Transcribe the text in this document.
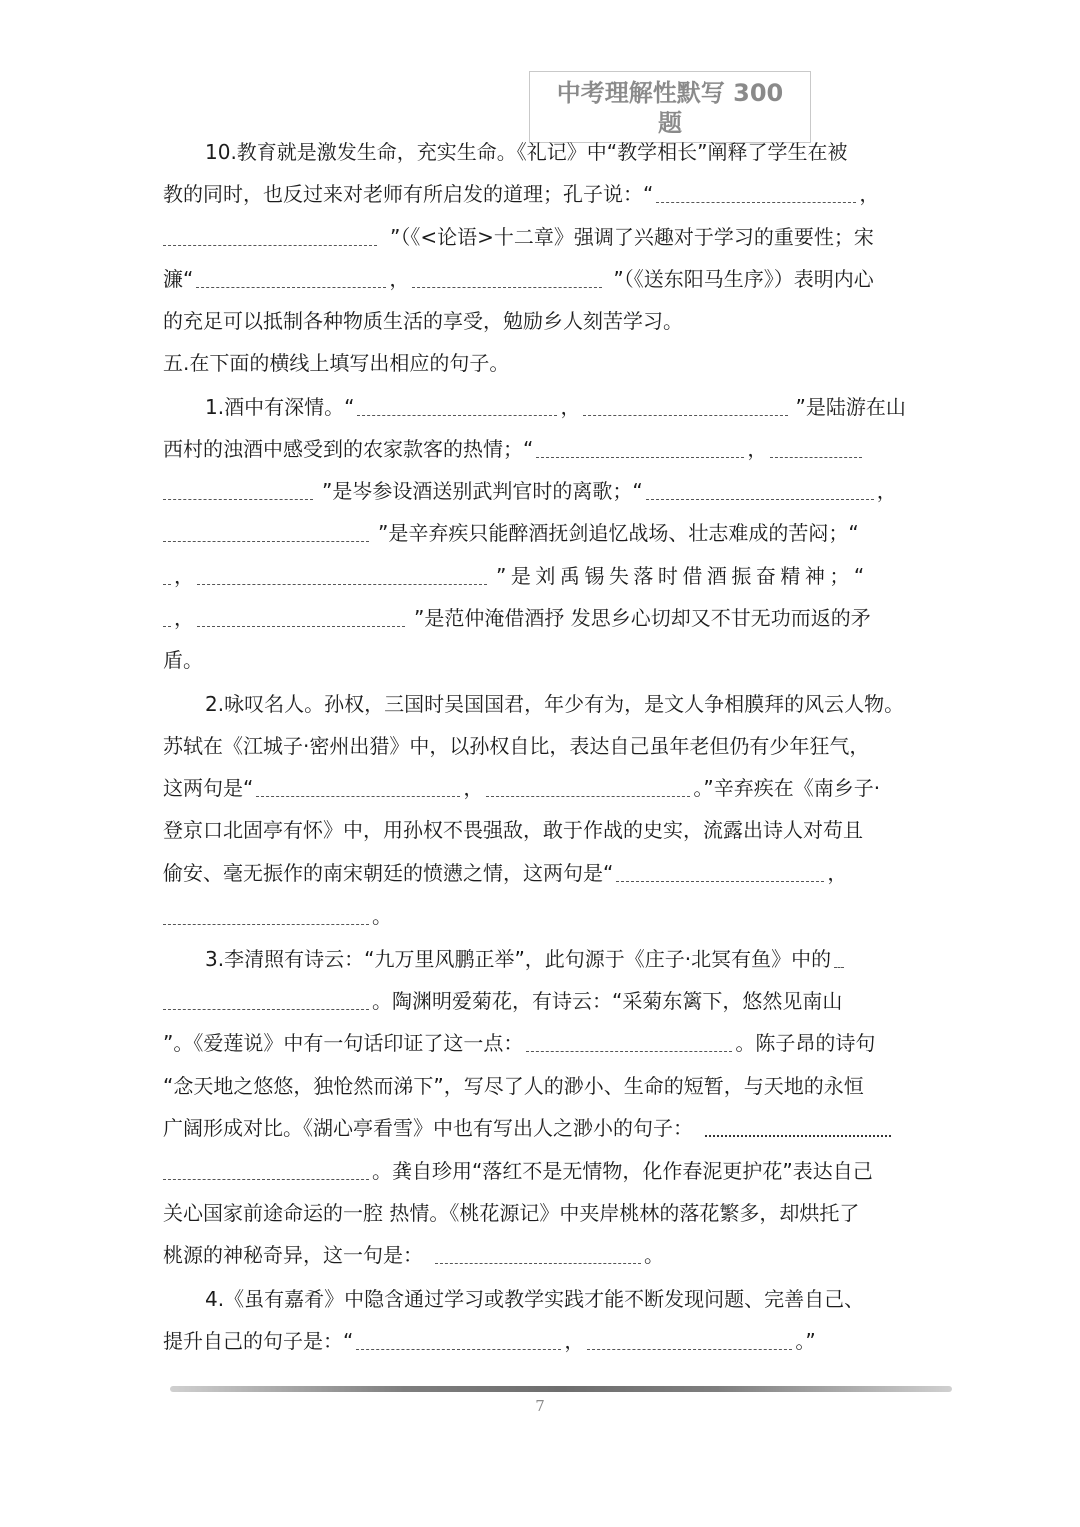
中考理解性默写 300 题
10.教育就是激发生命，充实生命。《礼记》中“教学相长”阐释了学生在被
教的同时，也反过来对老师有所启发的道理；孔子说：“	，
”（《<论语>十二章》强调了兴趣对于学习的重要性；宋
濂“	，	”（《送东阳马生序》）表明内心
的充足可以抵制各种物质生活的享受，勉励乡人刻苦学习。
五.在下面的横线上填写出相应的句子。
1.酒中有深情。“	，	”是陆游在山
西村的浊酒中感受到的农家款客的热情；“	，
”是岑参设酒送别武判官时的离歌；“	，
”是辛弃疾只能醉酒抚剑追忆战场、壮志难成的苦闷；“
，	”是刘禹锡失落时借酒振奋精神；“
，	”是范仲淹借酒抒 发思乡心切却又不甘无功而返的矛
盾。
2.咏叹名人。孙权，三国时吴国国君，年少有为，是文人争相膜拜的风云人物。
苏轼在《江城子·密州出猎》中，以孙权自比，表达自己虽年老但仍有少年狂气，
这两句是“	，	。”辛弃疾在《南乡子·
登京口北固亭有怀》中，用孙权不畏强敌，敢于作战的史实，流露出诗人对苟且
偷安、毫无振作的南宋朝廷的愤懑之情，这两句是“	，
。
3.李清照有诗云：“九万里风鹏正举”，此句源于《庄子·北冥有鱼》中的
。陶渊明爱菊花，有诗云：“采菊东篱下，悠然见南山
”。《爱莲说》中有一句话印证了这一点：	。陈子昂的诗句
“念天地之悠悠，独怆然而涕下”，写尽了人的渺小、生命的短暂，与天地的永恒
广阔形成对比。《湖心亭看雪》中也有写出人之渺小的句子：
。龚自珍用“落红不是无情物，化作春泥更护花”表达自己
关心国家前途命运的一腔 热情。《桃花源记》中夹岸桃林的落花繁多，却烘托了
桃源的神秘奇异，这一句是：	。
4.《虽有嘉肴》中隐含通过学习或教学实践才能不断发现问题、完善自己、
提升自己的句子是：“	，	。”
7
